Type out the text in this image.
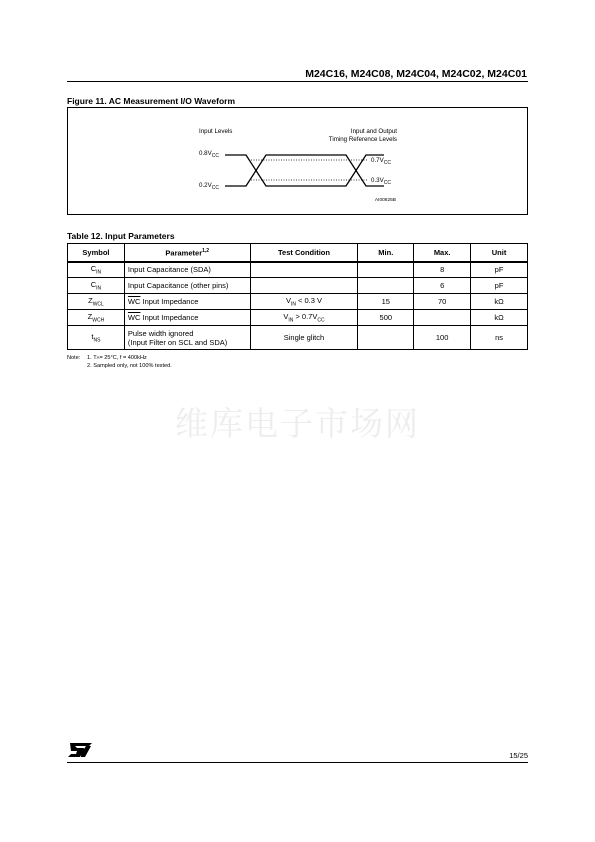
M24C16, M24C08, M24C04, M24C02, M24C01
Figure 11. AC Measurement I/O Waveform
Input Levels	Input and Output
Timing Reference Levels
$0.8V_{CC}$
$0.2V_{CC}$
$0.7V_{CC}$
$0.3V_{CC}$
AI00825B
Table 12. Input Parameters
Symbol	Parameter$^{1,2}$	Test Condition	Min.	Max.	Unit
$C_{IN}$	Input Capacitance (SDA)			8	pF
$C_{IN}$	Input Capacitance (other pins)			6	pF
$Z_{WCL}$	$\overline{WC}$ Input Impedance	$V_{IN} < 0.3$ V	15	70	kΩ
$Z_{WCH}$	$\overline{WC}$ Input Impedance	$V_{IN} > 0.7V_{CC}$	500		kΩ
$t_{NS}$	Pulse width ignored
(Input Filter on SCL and SDA)	Single glitch		100	ns
Note:	1.
T A = 25°C, f = 400kHz
2.
Sampled only, not 100% tested.
维库电子市场网
15/25
